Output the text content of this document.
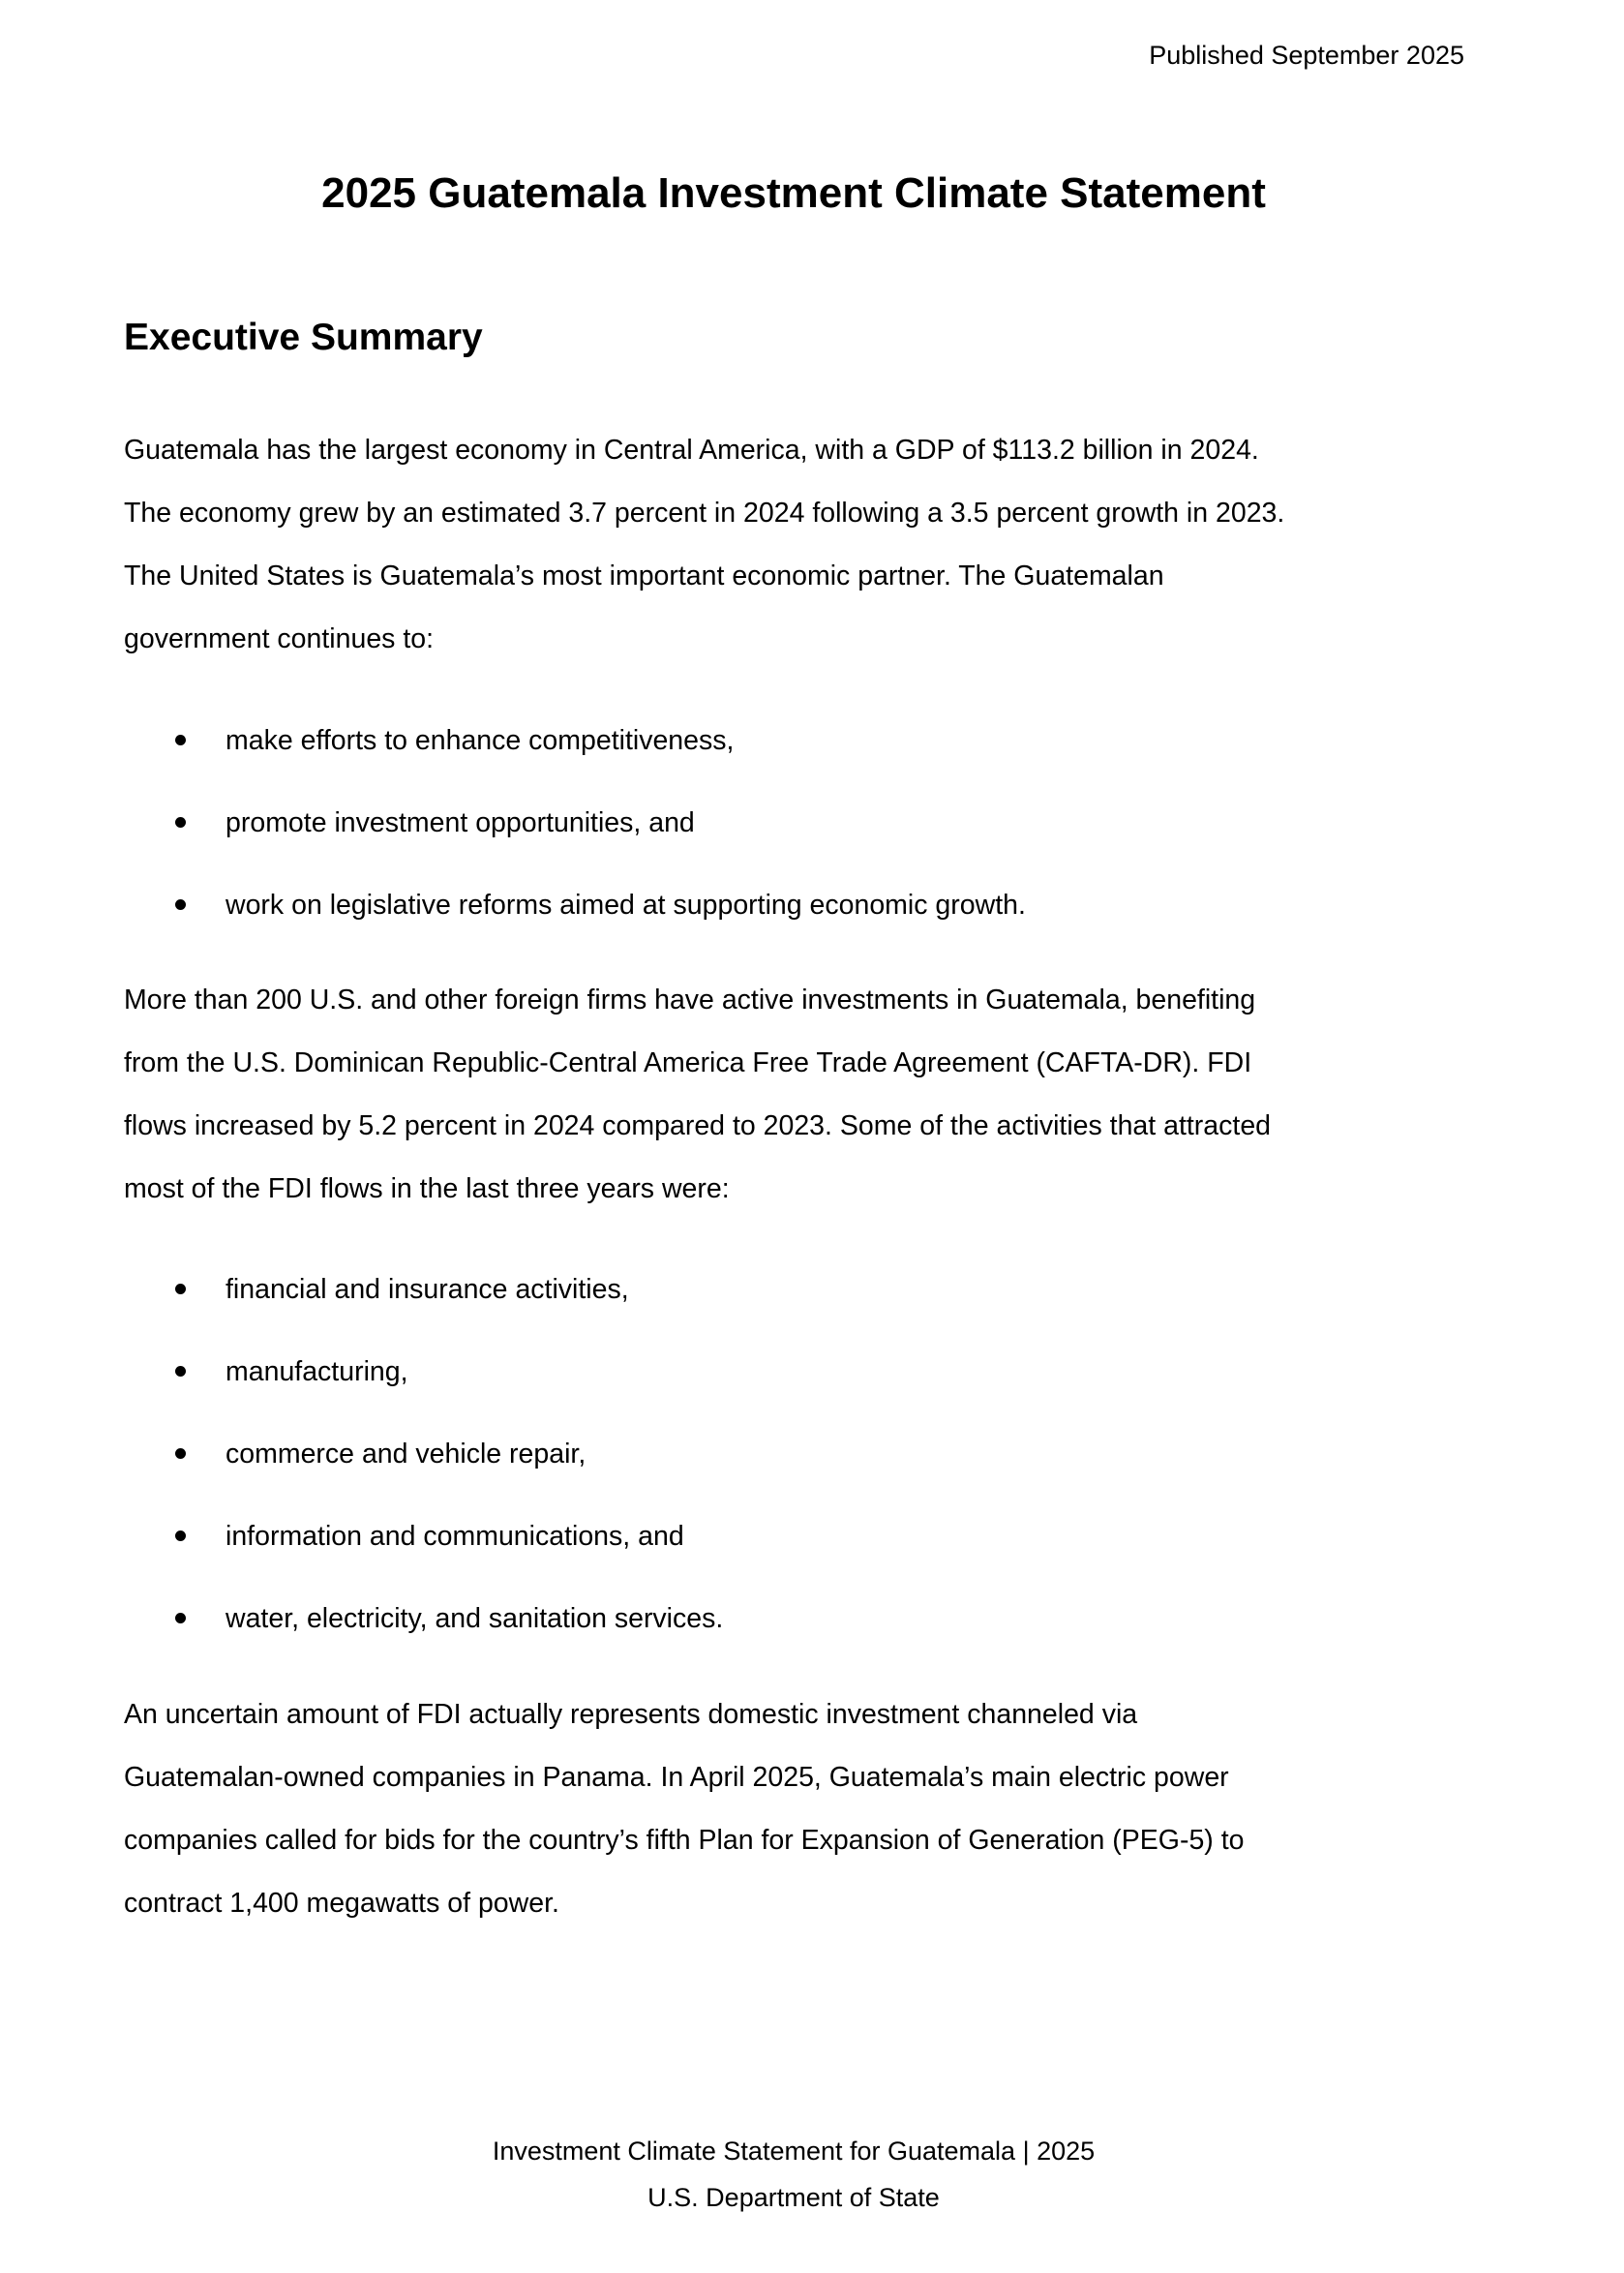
Published September 2025
2025 Guatemala Investment Climate Statement
Executive Summary
Guatemala has the largest economy in Central America, with a GDP of $113.2 billion in 2024.
The economy grew by an estimated 3.7 percent in 2024 following a 3.5 percent growth in 2023.
The United States is Guatemala’s most important economic partner. The Guatemalan
government continues to:
make efforts to enhance competitiveness,
promote investment opportunities, and
work on legislative reforms aimed at supporting economic growth.
More than 200 U.S. and other foreign firms have active investments in Guatemala, benefiting
from the U.S. Dominican Republic-Central America Free Trade Agreement (CAFTA-DR). FDI
flows increased by 5.2 percent in 2024 compared to 2023. Some of the activities that attracted
most of the FDI flows in the last three years were:
financial and insurance activities,
manufacturing,
commerce and vehicle repair,
information and communications, and
water, electricity, and sanitation services.
An uncertain amount of FDI actually represents domestic investment channeled via
Guatemalan-owned companies in Panama. In April 2025, Guatemala’s main electric power
companies called for bids for the country’s fifth Plan for Expansion of Generation (PEG-5) to
contract 1,400 megawatts of power.
Investment Climate Statement for Guatemala | 2025
U.S. Department of State
